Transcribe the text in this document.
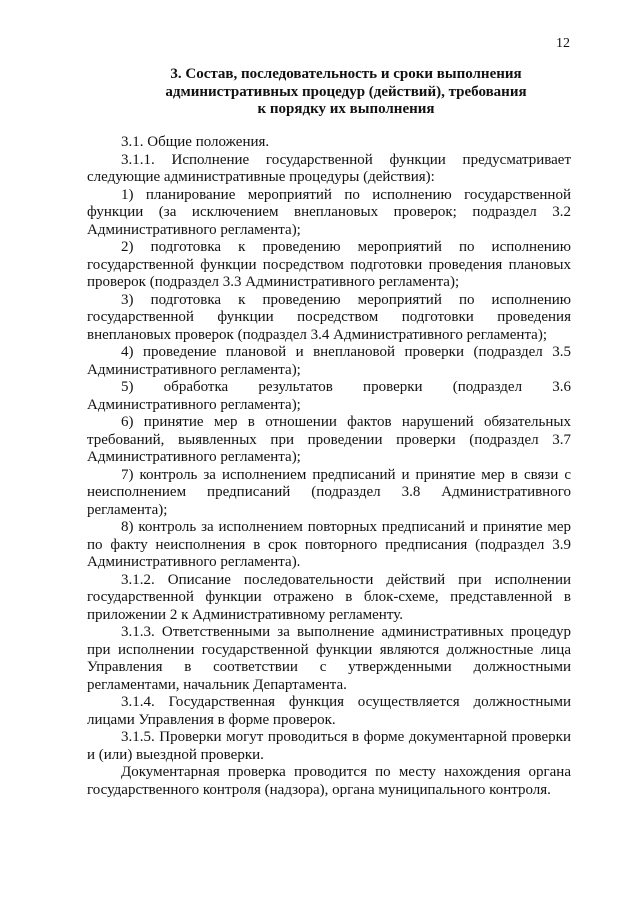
12
3. Состав, последовательность и сроки выполнения
административных процедур (действий), требования
к порядку их выполнения

3.1. Общие положения.

3.1.1. Исполнение государственной функции предусматривает следующие административные процедуры (действия):

1) планирование мероприятий по исполнению государственной функции (за исключением внеплановых проверок; подраздел 3.2 Административного регламента);

2) подготовка к проведению мероприятий по исполнению государственной функции посредством подготовки проведения плановых проверок (подраздел 3.3 Административного регламента);

3) подготовка к проведению мероприятий по исполнению государственной функции посредством подготовки проведения внеплановых проверок (подраздел 3.4 Административного регламента);

4) проведение плановой и внеплановой проверки (подраздел 3.5 Административного регламента);

5) обработка результатов проверки (подраздел 3.6 Административного регламента);

6) принятие мер в отношении фактов нарушений обязательных требований, выявленных при проведении проверки (подраздел 3.7 Административного регламента);

7) контроль за исполнением предписаний и принятие мер в связи с неисполнением предписаний (подраздел 3.8 Административного регламента);

8) контроль за исполнением повторных предписаний и принятие мер по факту неисполнения в срок повторного предписания (подраздел 3.9 Административного регламента).

3.1.2. Описание последовательности действий при исполнении государственной функции отражено в блок-схеме, представленной в приложении 2 к Административному регламенту.

3.1.3. Ответственными за выполнение административных процедур при исполнении государственной функции являются должностные лица Управления в соответствии с утвержденными должностными регламентами, начальник Департамента.

3.1.4. Государственная функция осуществляется должностными лицами Управления в форме проверок.

3.1.5. Проверки могут проводиться в форме документарной проверки и (или) выездной проверки.

Документарная проверка проводится по месту нахождения органа государственного контроля (надзора), органа муниципального контроля.
